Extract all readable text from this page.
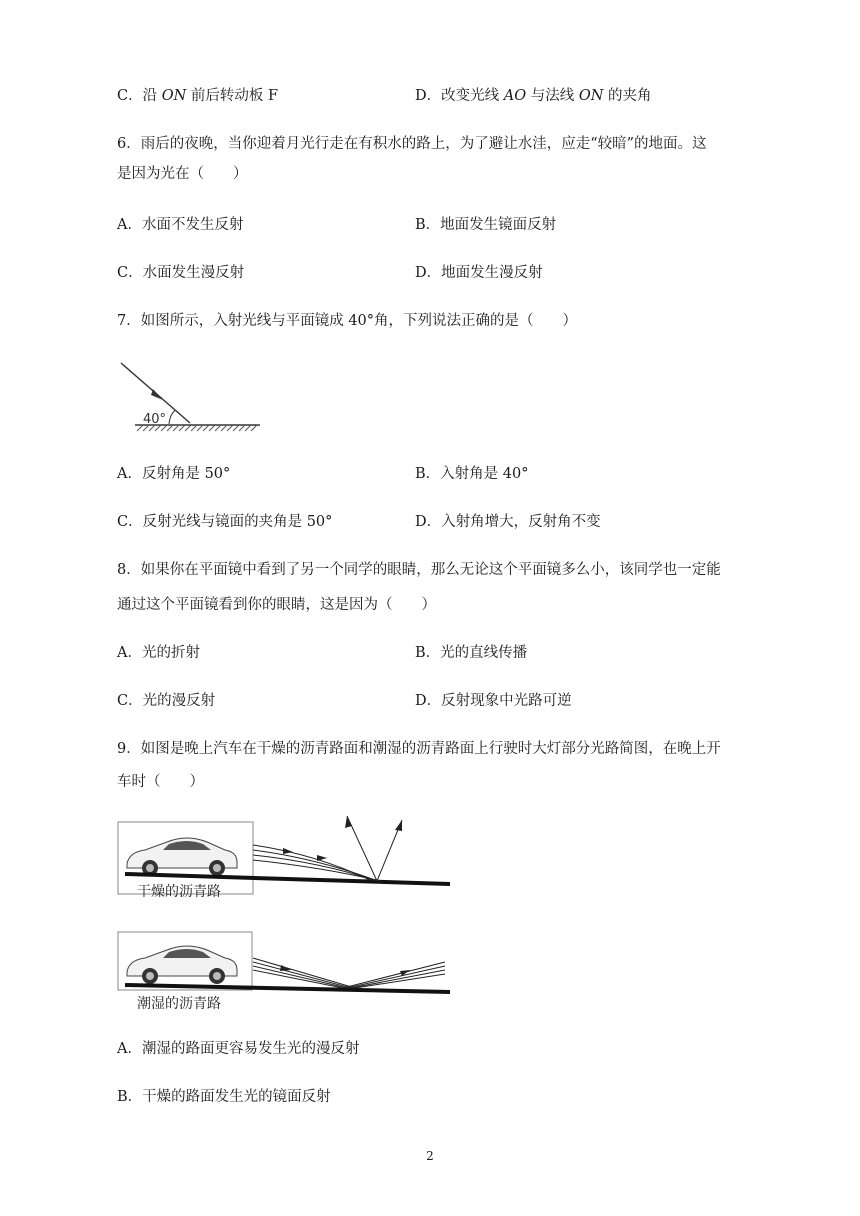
C．沿 ON 前后转动板 F	D．改变光线 AO 与法线 ON 的夹角
6．雨后的夜晚，当你迎着月光行走在有积水的路上，为了避让水洼，应走“较暗”的地面。这
是因为光在（　　）
A．水面不发生反射	B．地面发生镜面反射
C．水面发生漫反射	D．地面发生漫反射
7．如图所示，入射光线与平面镜成 40°角，下列说法正确的是（　　）
40°
A．反射角是 50°	B．入射角是 40°
C．反射光线与镜面的夹角是 50°	D．入射角增大，反射角不变
8．如果你在平面镜中看到了另一个同学的眼睛，那么无论这个平面镜多么小，该同学也一定能
通过这个平面镜看到你的眼睛，这是因为（　　）
A．光的折射	B．光的直线传播
C．光的漫反射	D．反射现象中光路可逆
9．如图是晚上汽车在干燥的沥青路面和潮湿的沥青路面上行驶时大灯部分光路简图，在晚上开
车时（　　）
干燥的沥青路
潮湿的沥青路
A．潮湿的路面更容易发生光的漫反射
B．干燥的路面发生光的镜面反射
2
